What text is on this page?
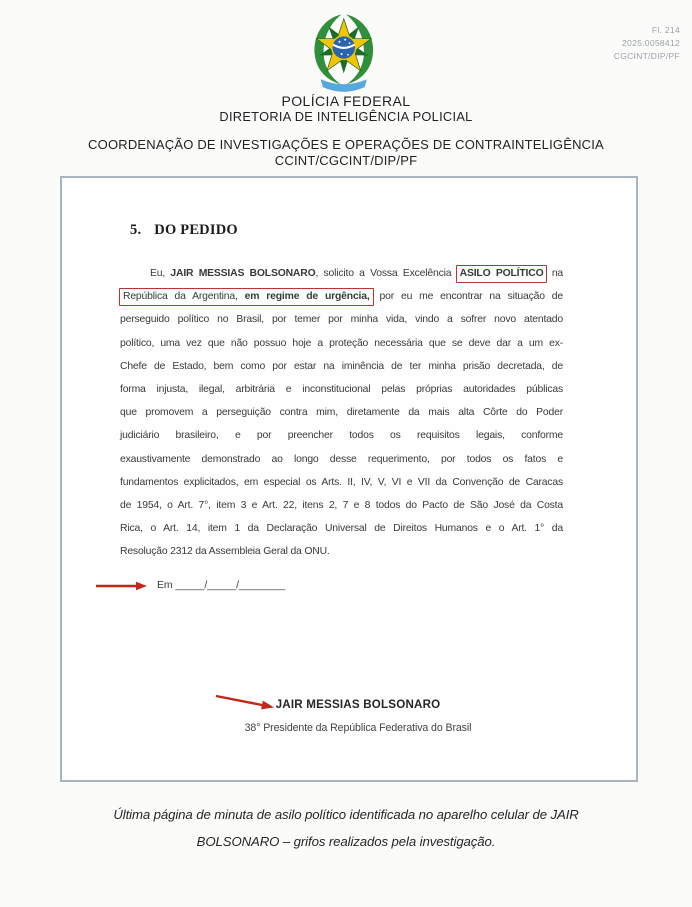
Fl. 214
2025.0058412
CGCINT/DIP/PF
POLÍCIA FEDERAL
DIRETORIA DE INTELIGÊNCIA POLICIAL
COORDENAÇÃO DE INVESTIGAÇÕES E OPERAÇÕES DE CONTRAINTELIGÊNCIA
CCINT/CGCINT/DIP/PF
5. DO PEDIDO
Eu, JAIR MESSIAS BOLSONARO, solicito a Vossa Excelência ASILO POLÍTICO na
República da Argentina, em regime de urgência, por eu me encontrar na situação de
perseguido político no Brasil, por temer por minha vida, vindo a sofrer novo atentado
político, uma vez que não possuo hoje a proteção necessária que se deve dar a um ex-
Chefe de Estado, bem como por estar na iminência de ter minha prisão decretada, de
forma injusta, ilegal, arbitrária e inconstitucional pelas próprias autoridades públicas
que promovem a perseguição contra mim, diretamente da mais alta Côrte do Poder
judiciário brasileiro, e por preencher todos os requisitos legais, conforme
exaustivamente demonstrado ao longo desse requerimento, por todos os fatos e
fundamentos explicitados, em especial os Arts. II, IV, V, VI e VII da Convenção de Caracas
de 1954, o Art. 7°, item 3 e Art. 22, itens 2, 7 e 8 todos do Pacto de São José da Costa
Rica, o Art. 14, item 1 da Declaração Universal de Direitos Humanos e o Art. 1° da
Resolução 2312 da Assembleia Geral da ONU.
Em _____/_____/________
JAIR MESSIAS BOLSONARO
38° Presidente da República Federativa do Brasil
Última página de minuta de asilo político identificada no aparelho celular de JAIR
BOLSONARO – grifos realizados pela investigação.
